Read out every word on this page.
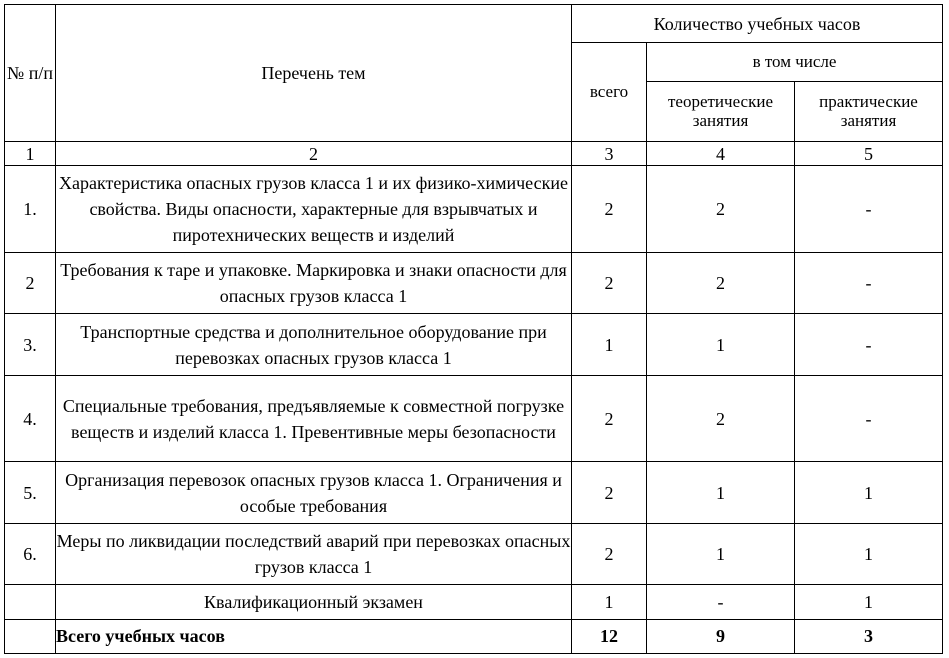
№ п/п	Перечень тем	Количество учебных часов		
		всего	в том числе	
			теоретические занятия	практические занятия
1	2	3	4	5
1.	Характеристика опасных грузов класса 1 и их физико-химические свойства. Виды опасности, характерные для взрывчатых и пиротехнических веществ и изделий	2	2	-
2	Требования к таре и упаковке. Маркировка и знаки опасности для опасных грузов класса 1	2	2	-
3.	Транспортные средства и дополнительное оборудование при перевозках опасных грузов класса 1	1	1	-
4.	Специальные требования, предъявляемые к совместной погрузке веществ и изделий класса 1. Превентивные меры безопасности	2	2	-
5.	Организация перевозок опасных грузов класса 1. Ограничения и особые требования	2	1	1
6.	Меры по ликвидации последствий аварий при перевозках опасных грузов класса 1	2	1	1
	Квалификационный экзамен	1	-	1
	Всего учебных часов	12	9	3
